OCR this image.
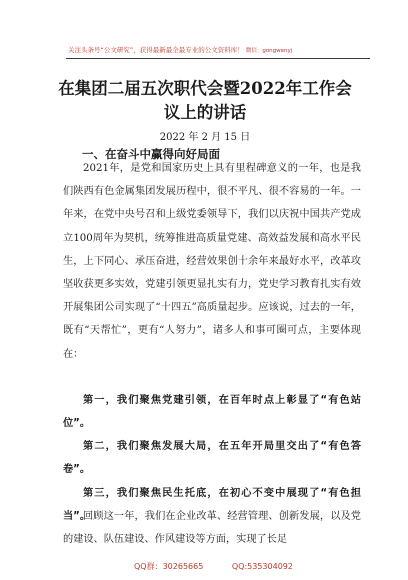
关注头条号“公文研究”，获得最新最全最专业的公文资料库！ 微信：gongwenyj
在集团二届五次职代会暨2022年工作会议上的讲话
2022 年 2 月 15 日
一、在奋斗中赢得向好局面
2021年，是党和国家历史上具有里程碑意义的一年，也是我们陕西有色金属集团发展历程中，很不平凡、很不容易的一年。一年来，在党中央号召和上级党委领导下，我们以庆祝中国共产党成立100周年为契机，统筹推进高质量党建、高效益发展和高水平民生，上下同心、承压奋进，经营效果创十余年来最好水平，改革攻坚收获更多实效，党建引领更显扎实有力，党史学习教育扎实有效开展集团公司实现了“十四五”高质量起步。应该说，过去的一年，既有“天帮忙”，更有“人努力”，诸多人和事可圈可点，主要体现在：
第一，我们聚焦党建引领，在百年时点上彰显了“有色站位”。
第二，我们聚焦发展大局，在五年开局里交出了“有色答卷”。
第三，我们聚焦民生托底，在初心不变中展现了“有色担当”。
回顾这一年，我们在企业改革、经营管理、创新发展，以及党的建设、队伍建设、作风建设等方面，实现了长足
QQ群：30265665	QQ:535304092
